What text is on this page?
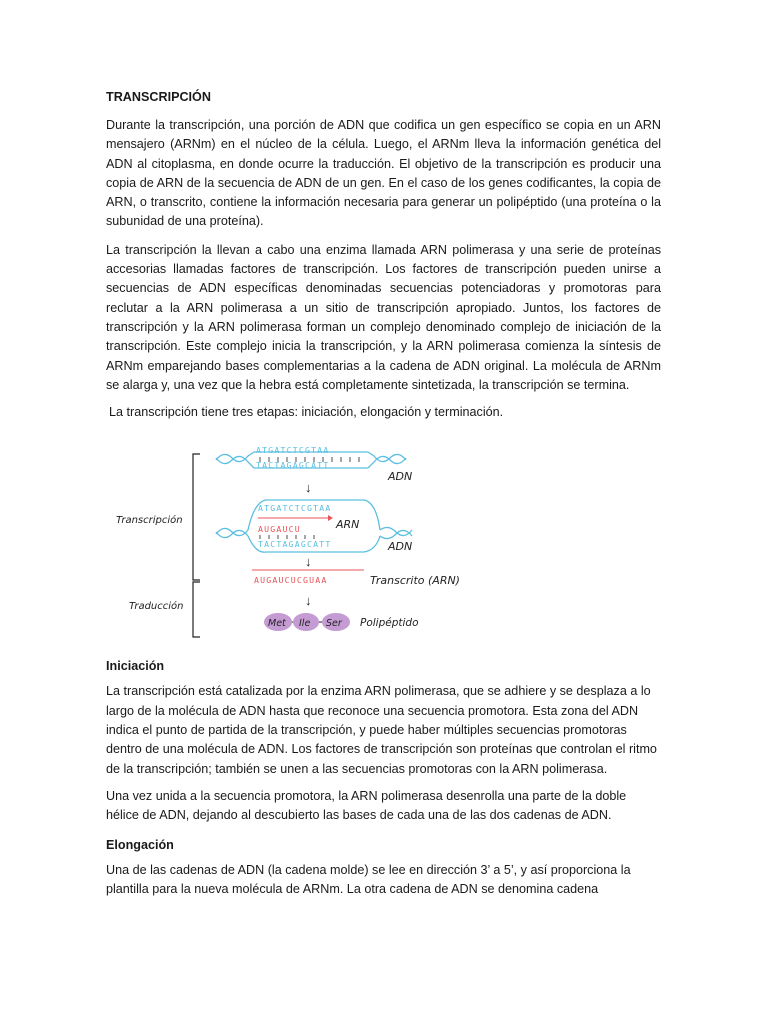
TRANSCRIPCIÓN

Durante la transcripción, una porción de ADN que codifica un gen específico se copia en un ARN mensajero (ARNm) en el núcleo de la célula. Luego, el ARNm lleva la información genética del ADN al citoplasma, en donde ocurre la traducción. El objetivo de la transcripción es producir una copia de ARN de la secuencia de ADN de un gen. En el caso de los genes codificantes, la copia de ARN, o transcrito, contiene la información necesaria para generar un polipéptido (una proteína o la subunidad de una proteína).

La transcripción la llevan a cabo una enzima llamada ARN polimerasa y una serie de proteínas accesorias llamadas factores de transcripción. Los factores de transcripción pueden unirse a secuencias de ADN específicas denominadas secuencias potenciadoras y promotoras para reclutar a la ARN polimerasa a un sitio de transcripción apropiado. Juntos, los factores de transcripción y la ARN polimerasa forman un complejo denominado complejo de iniciación de la transcripción. Este complejo inicia la transcripción, y la ARN polimerasa comienza la síntesis de ARNm emparejando bases complementarias a la cadena de ADN original. La molécula de ARNm se alarga y, una vez que la hebra está completamente sintetizada, la transcripción se termina.

La transcripción tiene tres etapas: iniciación, elongación y terminación.

Transcripción
Traducción
ATGATCTCGTAA
TACTAGAGCATT
ADN
↓
ATGATCTCGTAA
AUGAUCU
TACTAGAGCATT
ARN
ADN
↓
AUGAUCUCGUAA	Transcrito (ARN)
↓
Met Ile Ser Polipéptido
Iniciación

La transcripción está catalizada por la enzima ARN polimerasa, que se adhiere y se desplaza a lo largo de la molécula de ADN hasta que reconoce una secuencia promotora. Esta zona del ADN indica el punto de partida de la transcripción, y puede haber múltiples secuencias promotoras dentro de una molécula de ADN. Los factores de transcripción son proteínas que controlan el ritmo de la transcripción; también se unen a las secuencias promotoras con la ARN polimerasa.

Una vez unida a la secuencia promotora, la ARN polimerasa desenrolla una parte de la doble hélice de ADN, dejando al descubierto las bases de cada una de las dos cadenas de ADN.

Elongación

Una de las cadenas de ADN (la cadena molde) se lee en dirección 3’ a 5’, y así proporciona la plantilla para la nueva molécula de ARNm. La otra cadena de ADN se denomina cadena
